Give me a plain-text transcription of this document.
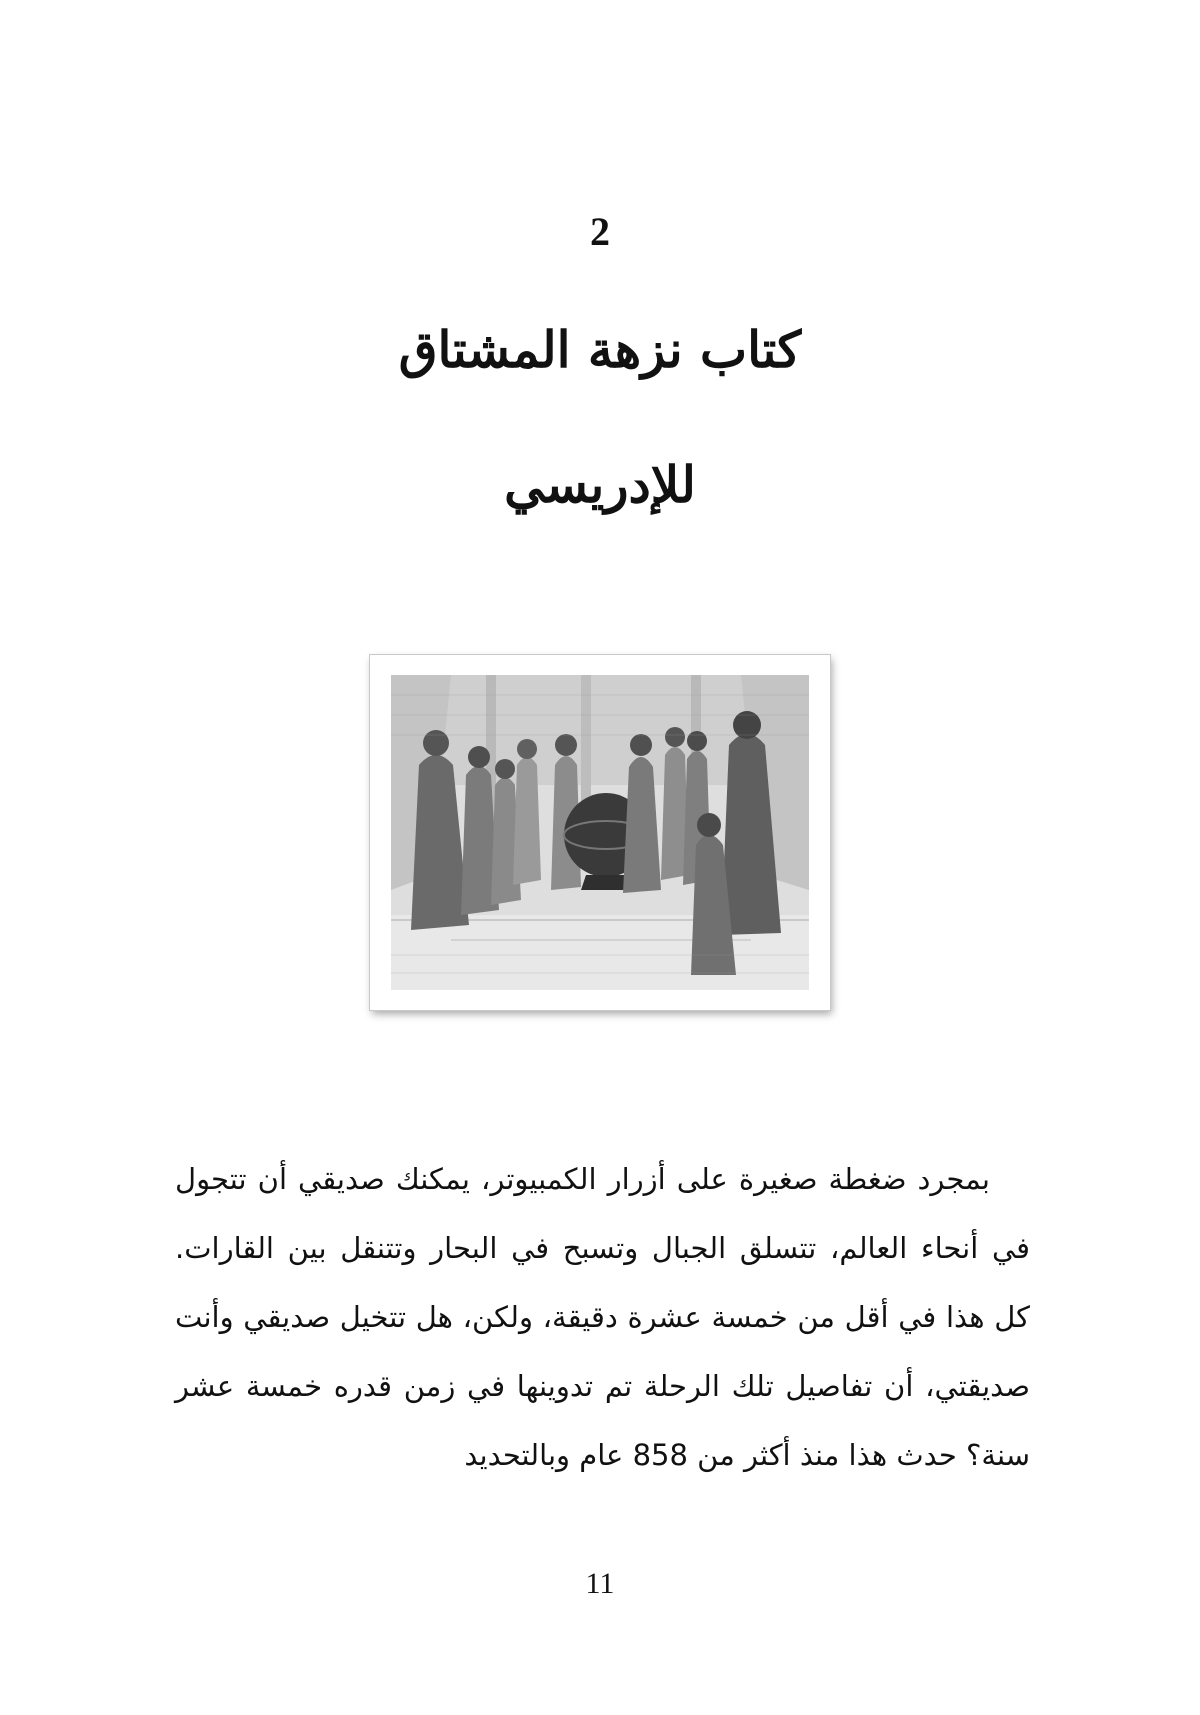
2
كتاب نزهة المشتاق
للإدريسي

بمجرد ضغطة صغيرة على أزرار الكمبيوتر، يمكنك صديقي أن تتجول في أنحاء العالم، تتسلق الجبال وتسبح في البحار وتتنقل بين القارات. كل هذا في أقل من خمسة عشرة دقيقة، ولكن، هل تتخيل صديقي وأنت صديقتي، أن تفاصيل تلك الرحلة تم تدوينها في زمن قدره خمسة عشر سنة؟ حدث هذا منذ أكثر من 858 عام وبالتحديد

11
